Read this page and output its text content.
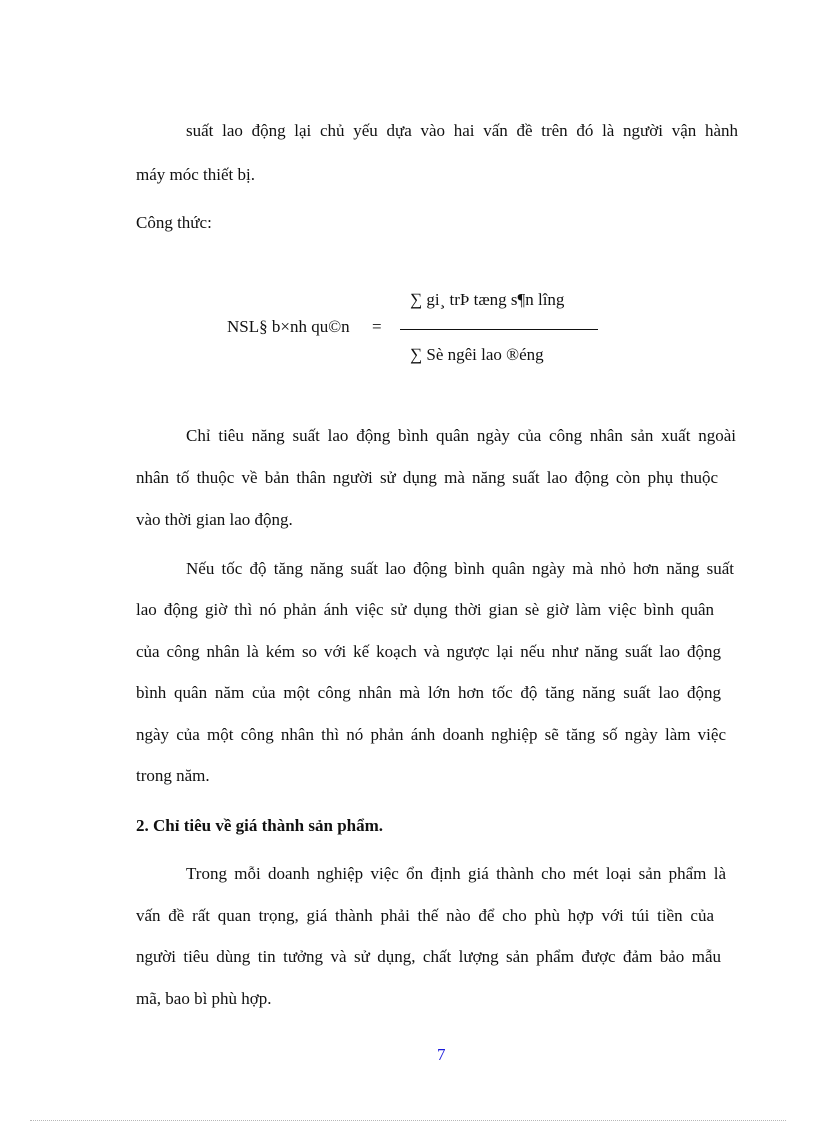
suất lao động lại chủ yếu dựa vào hai vấn đề trên đó là người vận hành
máy móc thiết bị.
Công thức:
∑ gi¸ trÞ tæng s¶n lîng
NSL§ b×nh qu©n =
∑ Sè ngêi lao ®éng
Chỉ tiêu năng suất lao động bình quân ngày của công nhân sản xuất ngoài
nhân tố thuộc về bản thân người sử dụng mà năng suất lao động còn phụ thuộc
vào thời gian lao động.
Nếu tốc độ tăng năng suất lao động bình quân ngày mà nhỏ hơn năng suất
lao động giờ thì nó phản ánh việc sử dụng thời gian sè giờ làm việc bình quân
của công nhân là kém so với kế koạch và ngược lại nếu như năng suất lao động
bình quân năm của một công nhân mà lớn hơn tốc độ tăng năng suất lao động
ngày của một công nhân thì nó phản ánh doanh nghiệp sẽ tăng số ngày làm việc
trong năm.
2. Chỉ tiêu về giá thành sản phẩm.
Trong mỗi doanh nghiệp việc ổn định giá thành cho mét loại sản phẩm là
vấn đề rất quan trọng, giá thành phải thế nào để cho phù hợp với túi tiền của
người tiêu dùng tin tưởng và sử dụng, chất lượng sản phẩm được đảm bảo mẫu
mã, bao bì phù hợp.
7
